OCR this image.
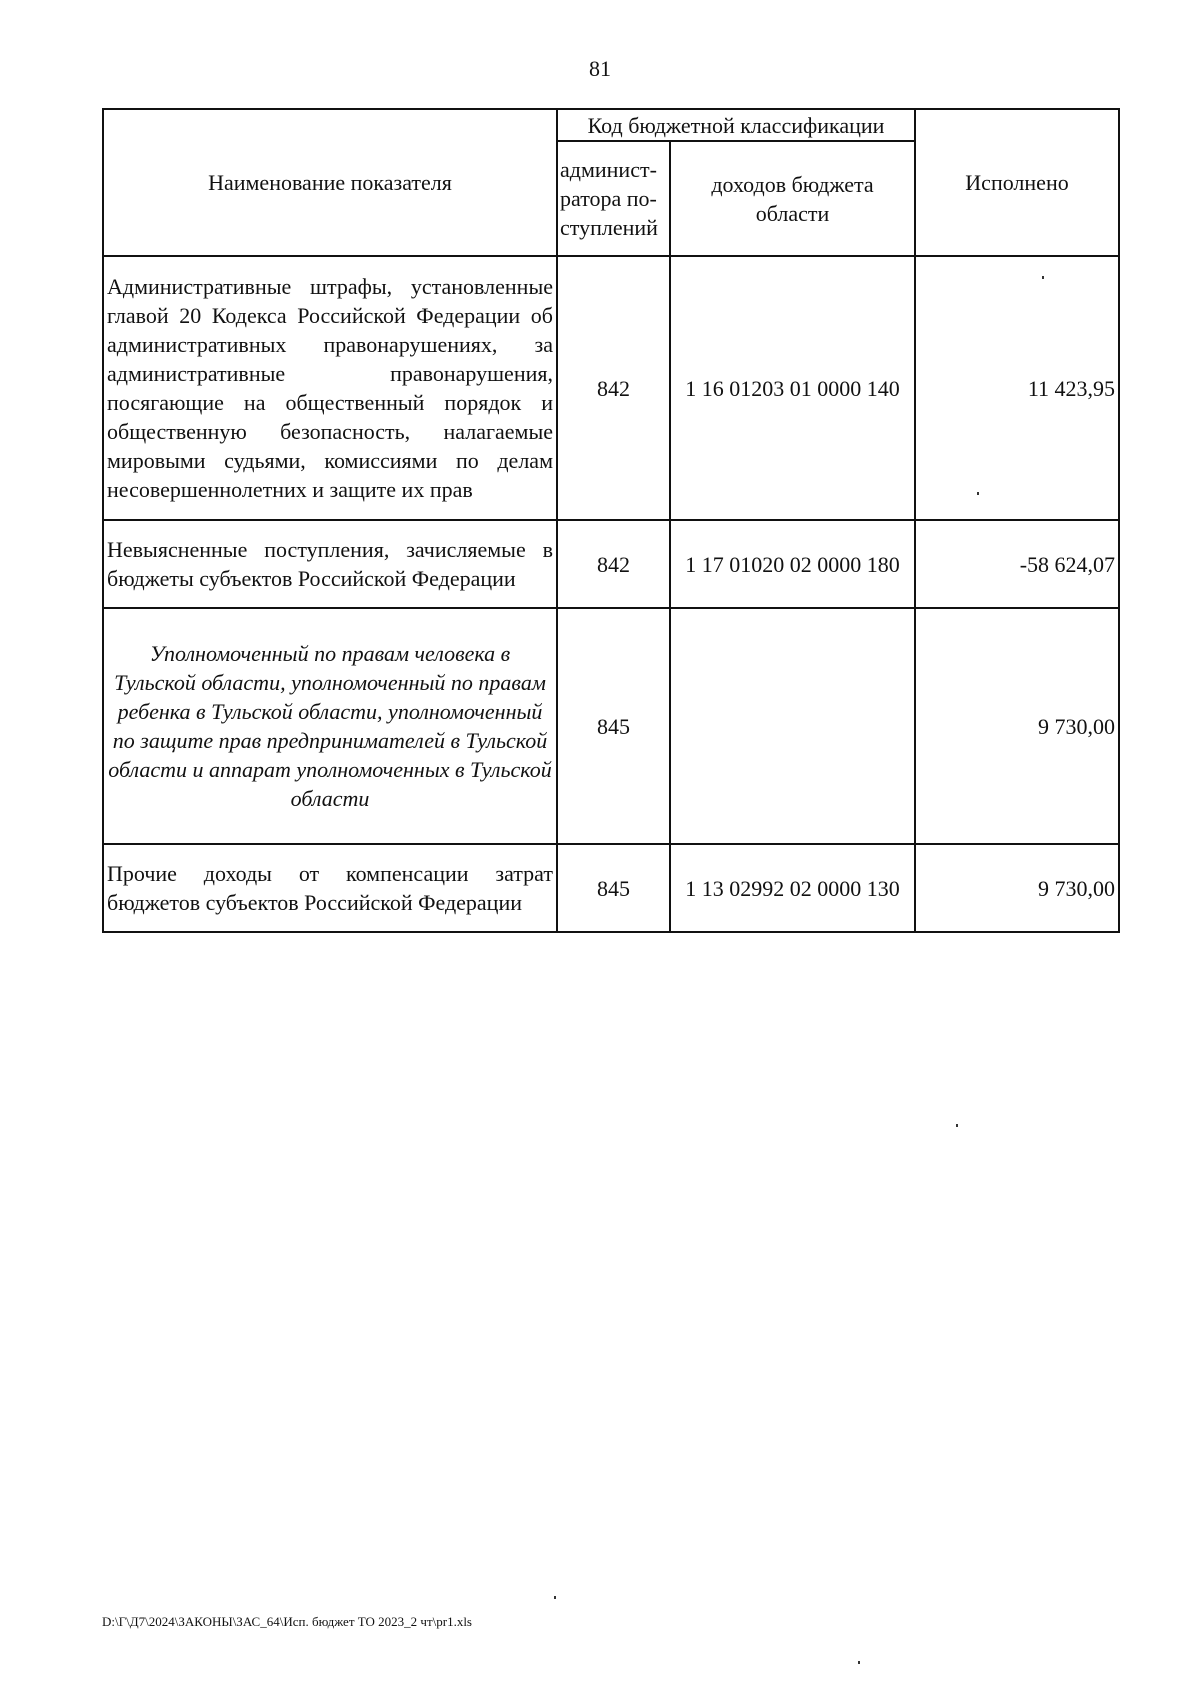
81
Наименование показателя	Код бюджетной классификации		Исполнено
	админист-
ратора по-
ступлений	доходов бюджета
области	
Административные штрафы, установленные главой 20 Кодекса Российской Федерации об административных правонарушениях, за административные правонарушения, посягающие на общественный порядок и общественную безопасность, налагаемые мировыми судьями, комиссиями по делам несовершеннолетних и защите их прав	842	1 16 01203 01 0000 140	11 423,95
Невыясненные поступления, зачисляемые в бюджеты субъектов Российской Федерации	842	1 17 01020 02 0000 180	-58 624,07
Уполномоченный по правам человека в Тульской области, уполномоченный по правам ребенка в Тульской области, уполномоченный по защите прав предпринимателей в Тульской области и аппарат уполномоченных в Тульской области	845		9 730,00
Прочие доходы от компенсации затрат бюджетов субъектов Российской Федерации	845	1 13 02992 02 0000 130	9 730,00
D:\Г\Д7\2024\ЗАКОНЫ\ЗАС_64\Исп. бюджет ТО 2023_2 чт\pr1.xls
